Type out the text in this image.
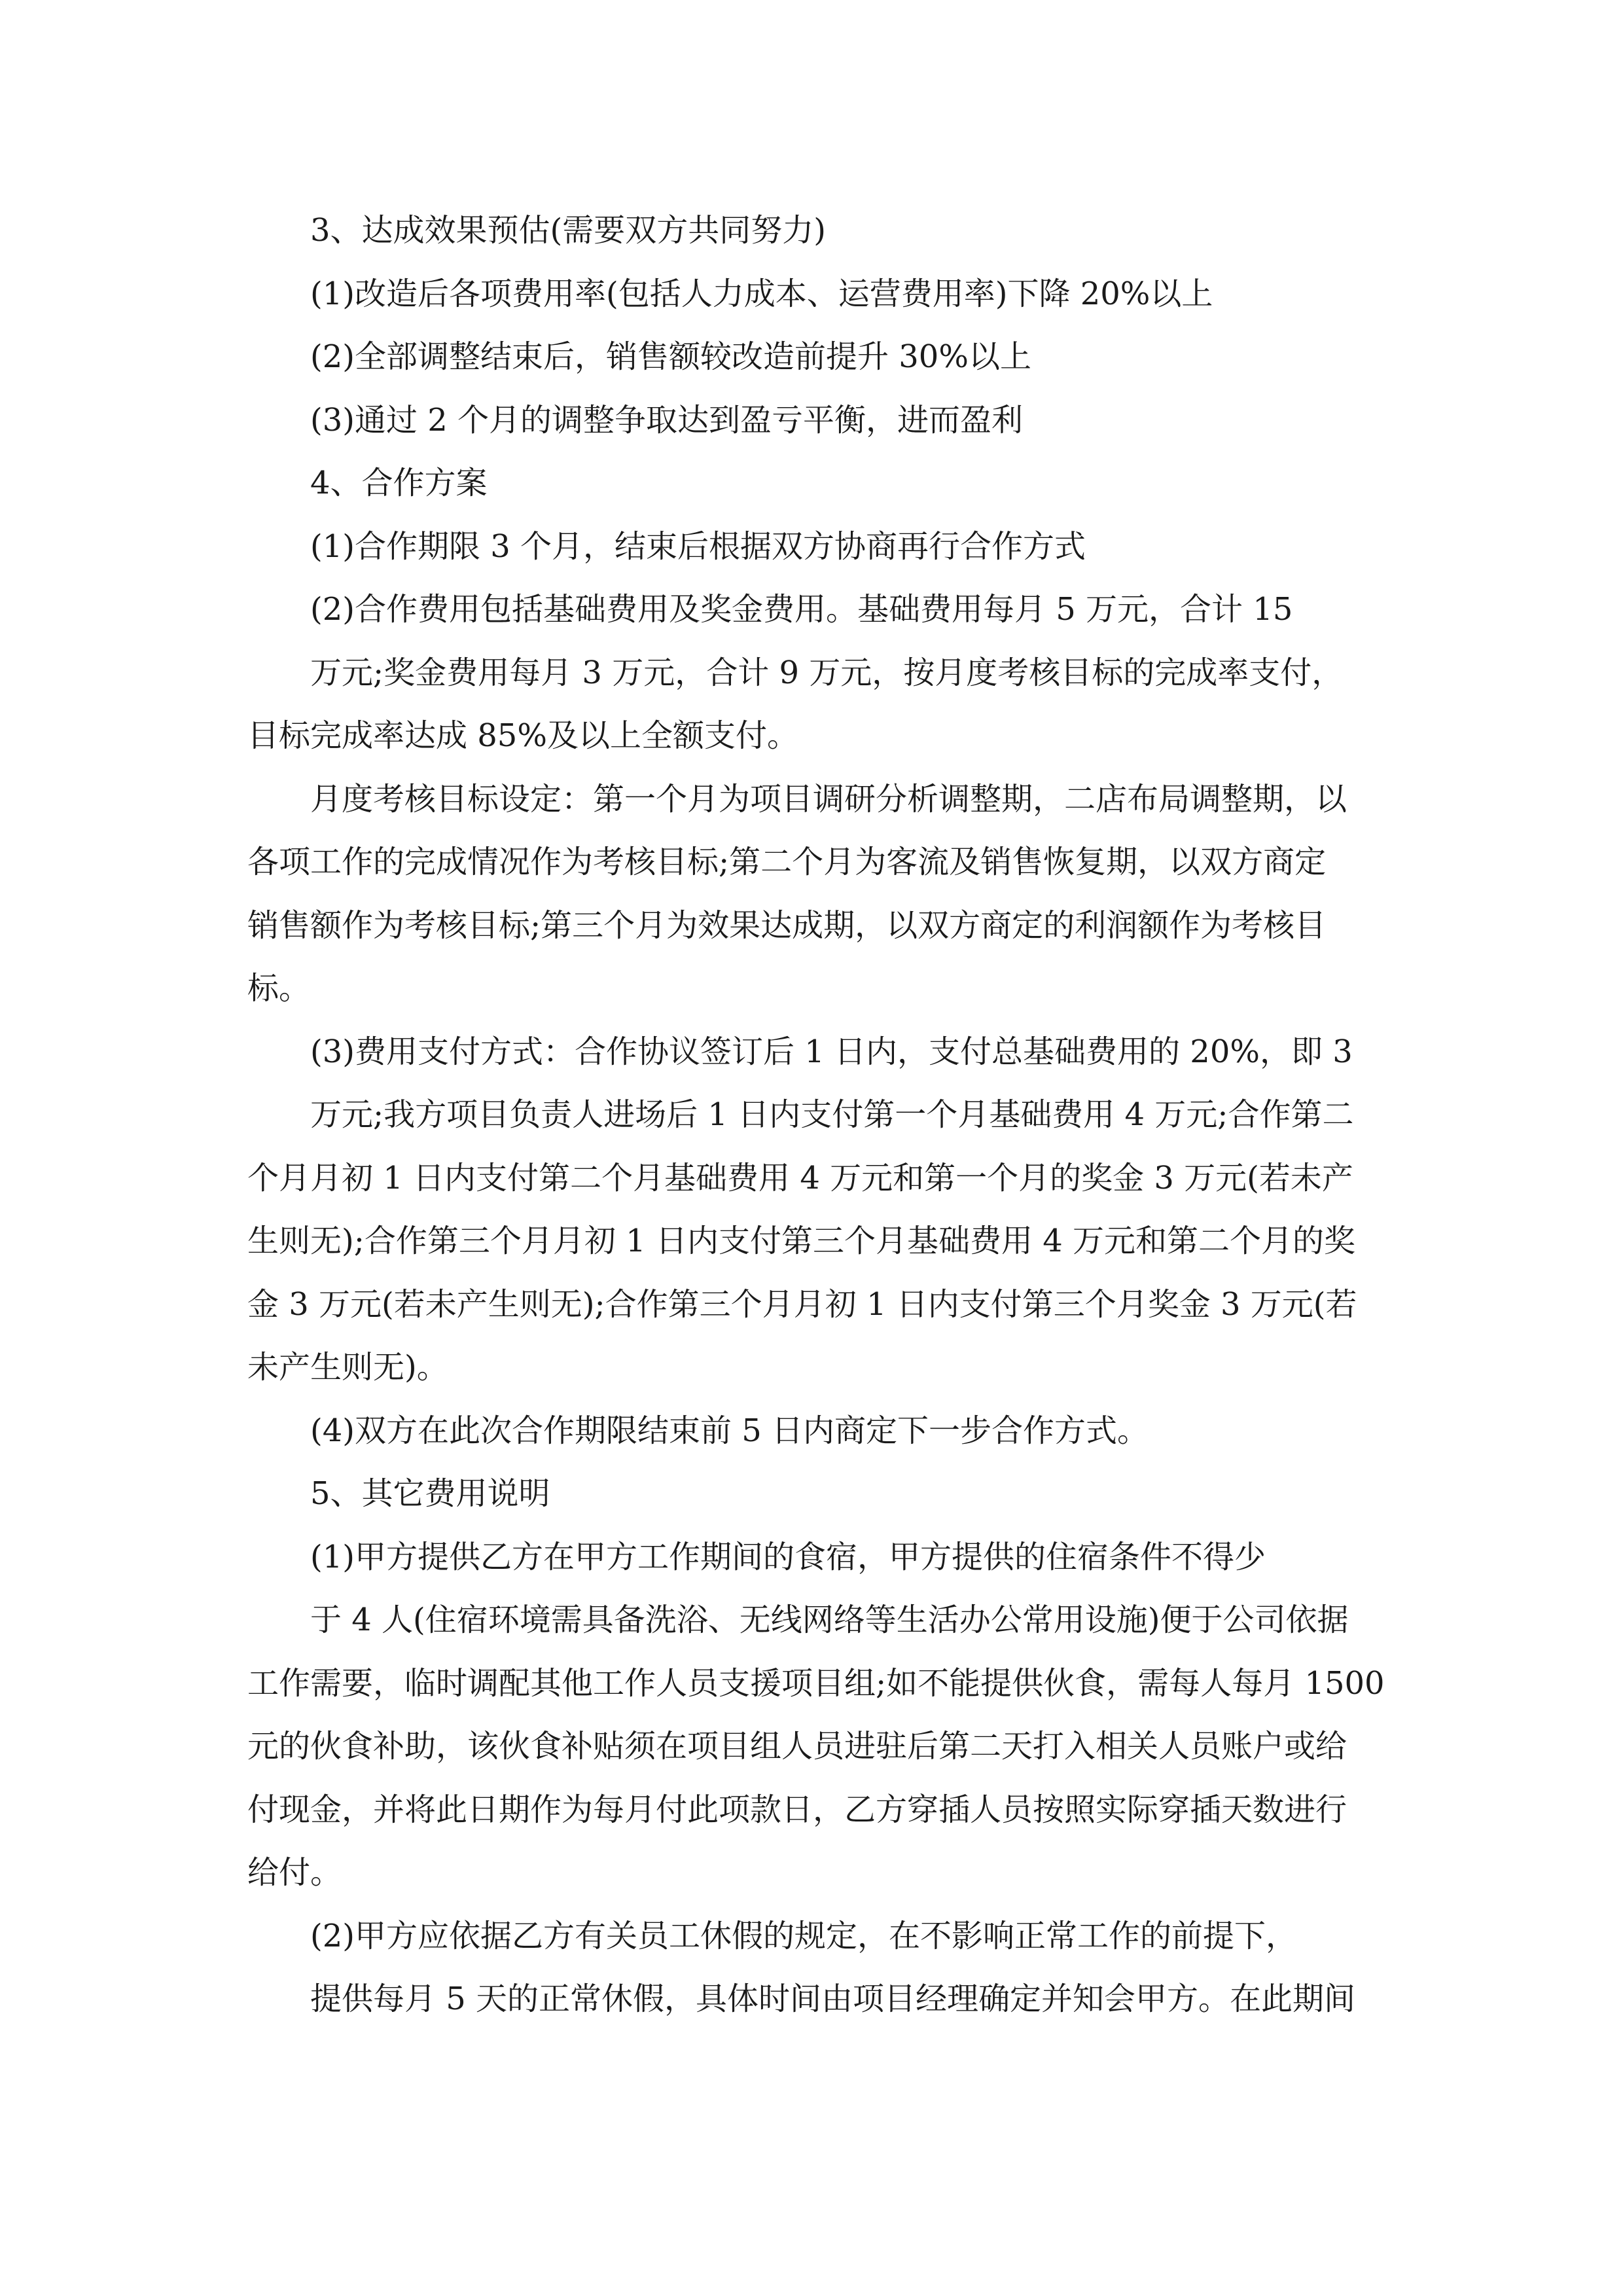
3、达成效果预估(需要双方共同努力)

(1)改造后各项费用率(包括人力成本、运营费用率)下降 20%以上

(2)全部调整结束后，销售额较改造前提升 30%以上

(3)通过 2 个月的调整争取达到盈亏平衡，进而盈利

4、合作方案

(1)合作期限 3 个月，结束后根据双方协商再行合作方式

(2)合作费用包括基础费用及奖金费用。基础费用每月 5 万元，合计 15

万元;奖金费用每月 3 万元，合计 9 万元，按月度考核目标的完成率支付，

目标完成率达成 85%及以上全额支付。

月度考核目标设定：第一个月为项目调研分析调整期，二店布局调整期，以

各项工作的完成情况作为考核目标;第二个月为客流及销售恢复期，以双方商定

销售额作为考核目标;第三个月为效果达成期，以双方商定的利润额作为考核目

标。

(3)费用支付方式：合作协议签订后 1 日内，支付总基础费用的 20%，即 3

万元;我方项目负责人进场后 1 日内支付第一个月基础费用 4 万元;合作第二

个月月初 1 日内支付第二个月基础费用 4 万元和第一个月的奖金 3 万元(若未产

生则无);合作第三个月月初 1 日内支付第三个月基础费用 4 万元和第二个月的奖

金 3 万元(若未产生则无);合作第三个月月初 1 日内支付第三个月奖金 3 万元(若

未产生则无)。

(4)双方在此次合作期限结束前 5 日内商定下一步合作方式。

5、其它费用说明

(1)甲方提供乙方在甲方工作期间的食宿，甲方提供的住宿条件不得少

于 4 人(住宿环境需具备洗浴、无线网络等生活办公常用设施)便于公司依据

工作需要，临时调配其他工作人员支援项目组;如不能提供伙食，需每人每月 1500

元的伙食补助，该伙食补贴须在项目组人员进驻后第二天打入相关人员账户或给

付现金，并将此日期作为每月付此项款日，乙方穿插人员按照实际穿插天数进行

给付。

(2)甲方应依据乙方有关员工休假的规定，在不影响正常工作的前提下，

提供每月 5 天的正常休假，具体时间由项目经理确定并知会甲方。在此期间
